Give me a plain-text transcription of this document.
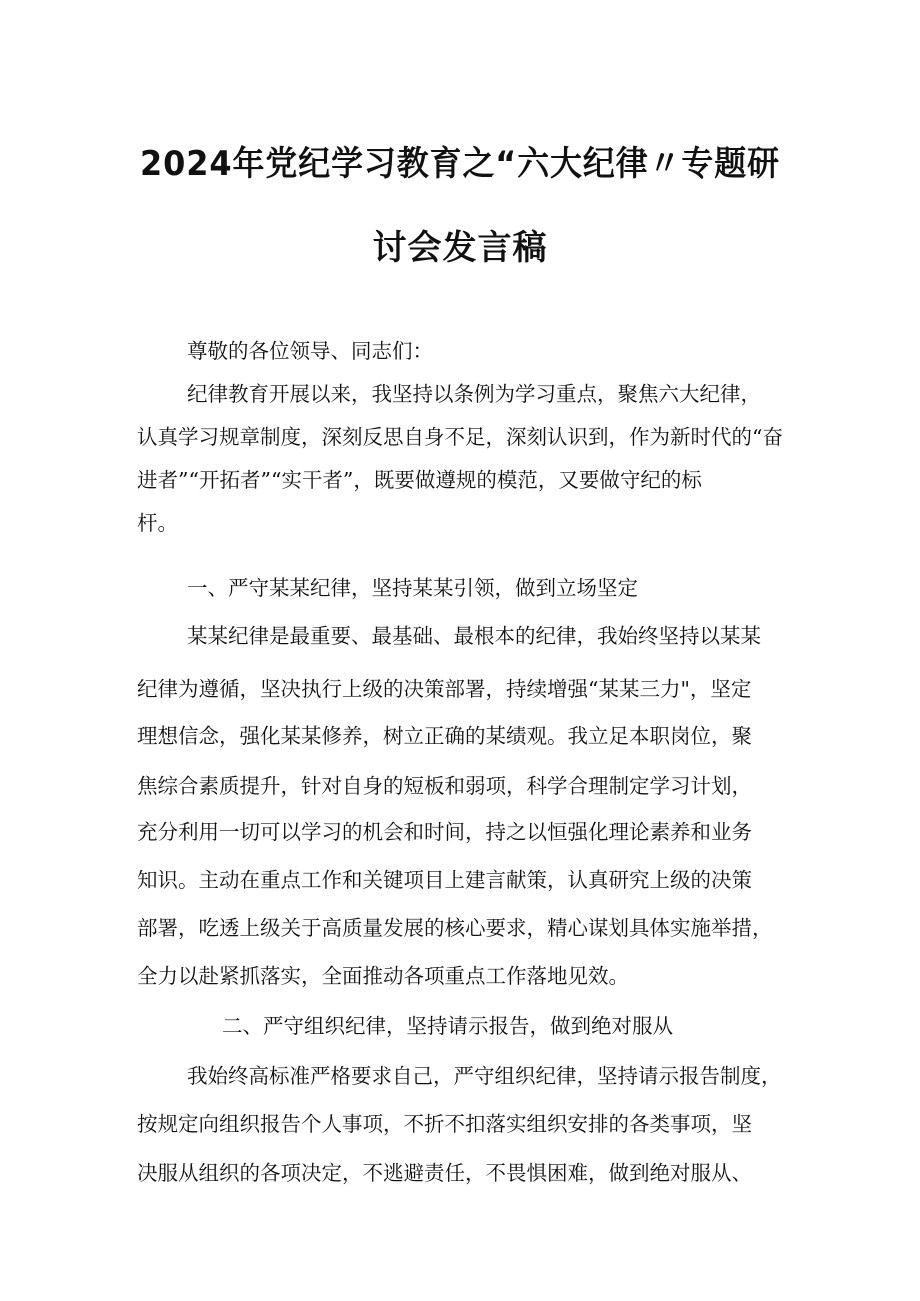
2024年党纪学习教育之“六大纪律〃专题研
讨会发言稿
尊敬的各位领导、同志们：
纪律教育开展以来，我坚持以条例为学习重点，聚焦六大纪律，
认真学习规章制度，深刻反思自身不足，深刻认识到，作为新时代的“奋
进者”“开拓者”“实干者”，既要做遵规的模范，又要做守纪的标
杆。
一、严守某某纪律，坚持某某引领，做到立场坚定
某某纪律是最重要、最基础、最根本的纪律，我始终坚持以某某
纪律为遵循，坚决执行上级的决策部署，持续增强“某某三力"，坚定
理想信念，强化某某修养，树立正确的某绩观。我立足本职岗位，聚
焦综合素质提升，针对自身的短板和弱项，科学合理制定学习计划，
充分利用一切可以学习的机会和时间，持之以恒强化理论素养和业务
知识。主动在重点工作和关键项目上建言献策，认真研究上级的决策
部署，吃透上级关于高质量发展的核心要求，精心谋划具体实施举措，
全力以赴紧抓落实，全面推动各项重点工作落地见效。
二、严守组织纪律，坚持请示报告，做到绝对服从
我始终高标准严格要求自己，严守组织纪律，坚持请示报告制度，
按规定向组织报告个人事项，不折不扣落实组织安排的各类事项，坚
决服从组织的各项决定，不逃避责任，不畏惧困难，做到绝对服从、
